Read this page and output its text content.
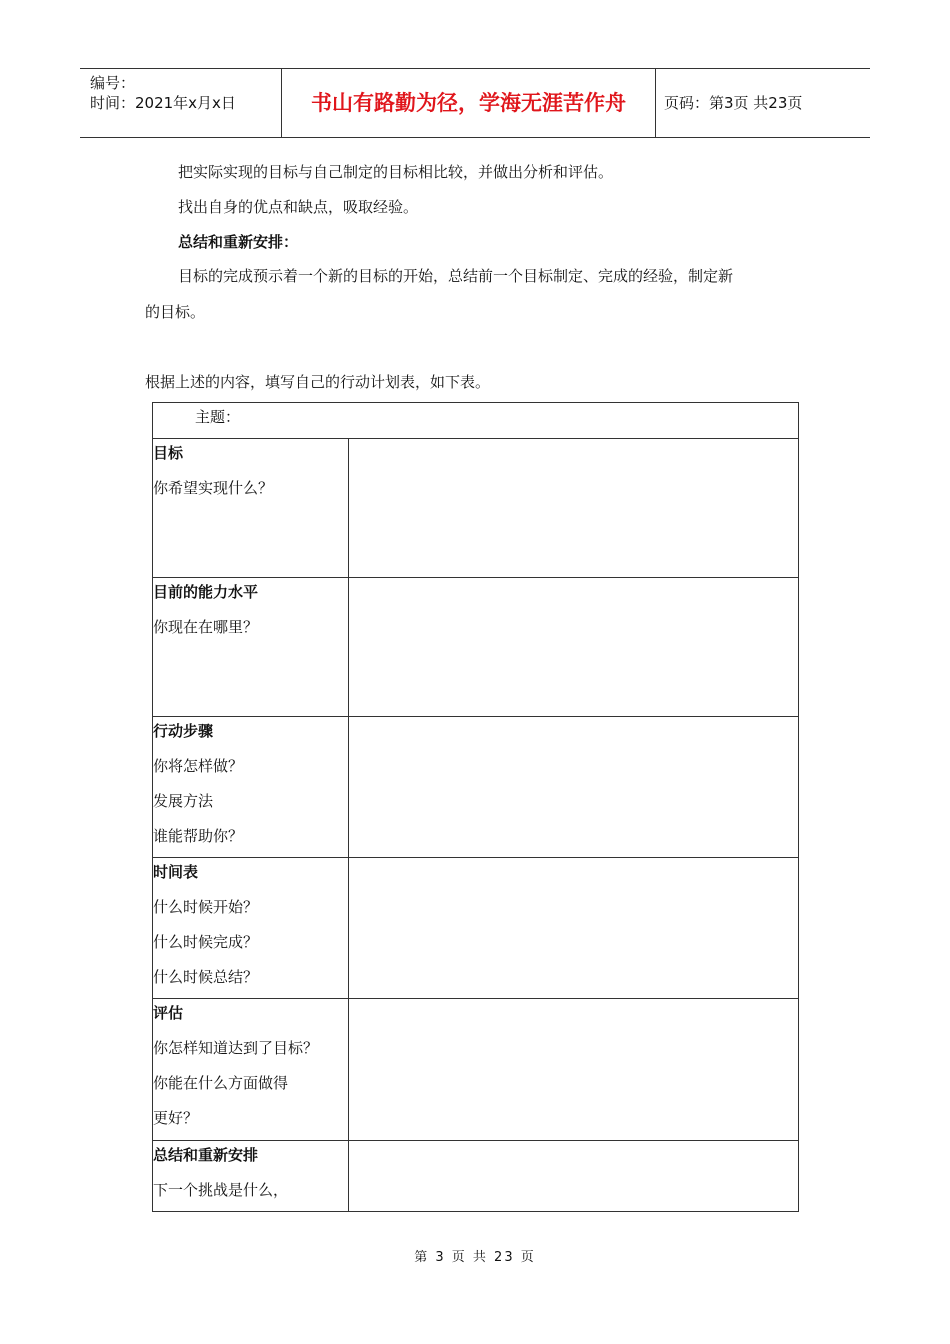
编号：
时间：2021年x月x日	书山有路勤为径，学海无涯苦作舟	页码：第3页 共23页
把实际实现的目标与自己制定的目标相比较，并做出分析和评估。
找出自身的优点和缺点，吸取经验。
总结和重新安排：
目标的完成预示着一个新的目标的开始，总结前一个目标制定、完成的经验，制定新
的目标。
根据上述的内容，填写自己的行动计划表，如下表。
主题：	

目标
你希望实现什么？	

目前的能力水平
你现在在哪里？	

行动步骤
你将怎样做？
发展方法
谁能帮助你？	

时间表
什么时候开始？
什么时候完成？
什么时候总结？	

评估
你怎样知道达到了目标？
你能在什么方面做得
更好？	

总结和重新安排
下一个挑战是什么，	

第 3 页 共 23 页
